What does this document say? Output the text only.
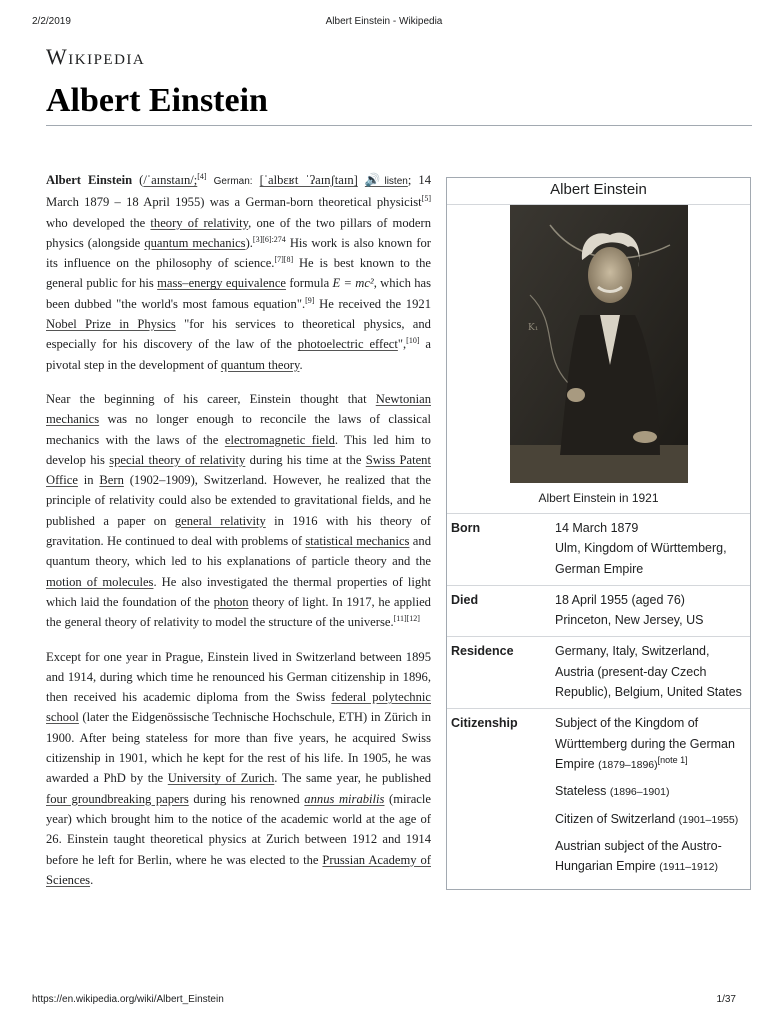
2/2/2019	Albert Einstein - Wikipedia
Wikipedia
Albert Einstein

Albert Einstein (/ˈaɪnstaɪn/;[4] German: [ˈalbɛʁt ˈʔaɪnʃtaɪn] 🔊listen; 14 March 1879 – 18 April 1955) was a German-born theoretical physicist[5] who developed the theory of relativity, one of the two pillars of modern physics (alongside quantum mechanics).$^{[3][6]:274}$ His work is also known for its influence on the philosophy of science.[7][8] He is best known to the general public for his mass–energy equivalence formula E = mc², which has been dubbed "the world's most famous equation".[9] He received the 1921 Nobel Prize in Physics "for his services to theoretical physics, and especially for his discovery of the law of the photoelectric effect",[10] a pivotal step in the development of quantum theory.

Near the beginning of his career, Einstein thought that Newtonian mechanics was no longer enough to reconcile the laws of classical mechanics with the laws of the electromagnetic field. This led him to develop his special theory of relativity during his time at the Swiss Patent Office in Bern (1902–1909), Switzerland. However, he realized that the principle of relativity could also be extended to gravitational fields, and he published a paper on general relativity in 1916 with his theory of gravitation. He continued to deal with problems of statistical mechanics and quantum theory, which led to his explanations of particle theory and the motion of molecules. He also investigated the thermal properties of light which laid the foundation of the photon theory of light. In 1917, he applied the general theory of relativity to model the structure of the universe.[11][12]

Except for one year in Prague, Einstein lived in Switzerland between 1895 and 1914, during which time he renounced his German citizenship in 1896, then received his academic diploma from the Swiss federal polytechnic school (later the Eidgenössische Technische Hochschule, ETH) in Zürich in 1900. After being stateless for more than five years, he acquired Swiss citizenship in 1901, which he kept for the rest of his life. In 1905, he was awarded a PhD by the University of Zurich. The same year, he published four groundbreaking papers during his renowned annus mirabilis (miracle year) which brought him to the notice of the academic world at the age of 26. Einstein taught theoretical physics at Zurich between 1912 and 1914 before he left for Berlin, where he was elected to the Prussian Academy of Sciences.

Albert Einstein
K₁
Albert Einstein in 1921
Born	14 March 1879
Ulm, Kingdom of Württemberg, German Empire
Died	18 April 1955 (aged 76)
Princeton, New Jersey, US
Residence	Germany, Italy, Switzerland, Austria (present-day Czech Republic), Belgium, United States
Citizenship	Subject of the Kingdom of Württemberg during the German Empire (1879–1896)[note 1]
Stateless (1896–1901)
Citizen of Switzerland (1901–1955)
Austrian subject of the Austro-Hungarian Empire (1911–1912)
https://en.wikipedia.org/wiki/Albert_Einstein	1/37
